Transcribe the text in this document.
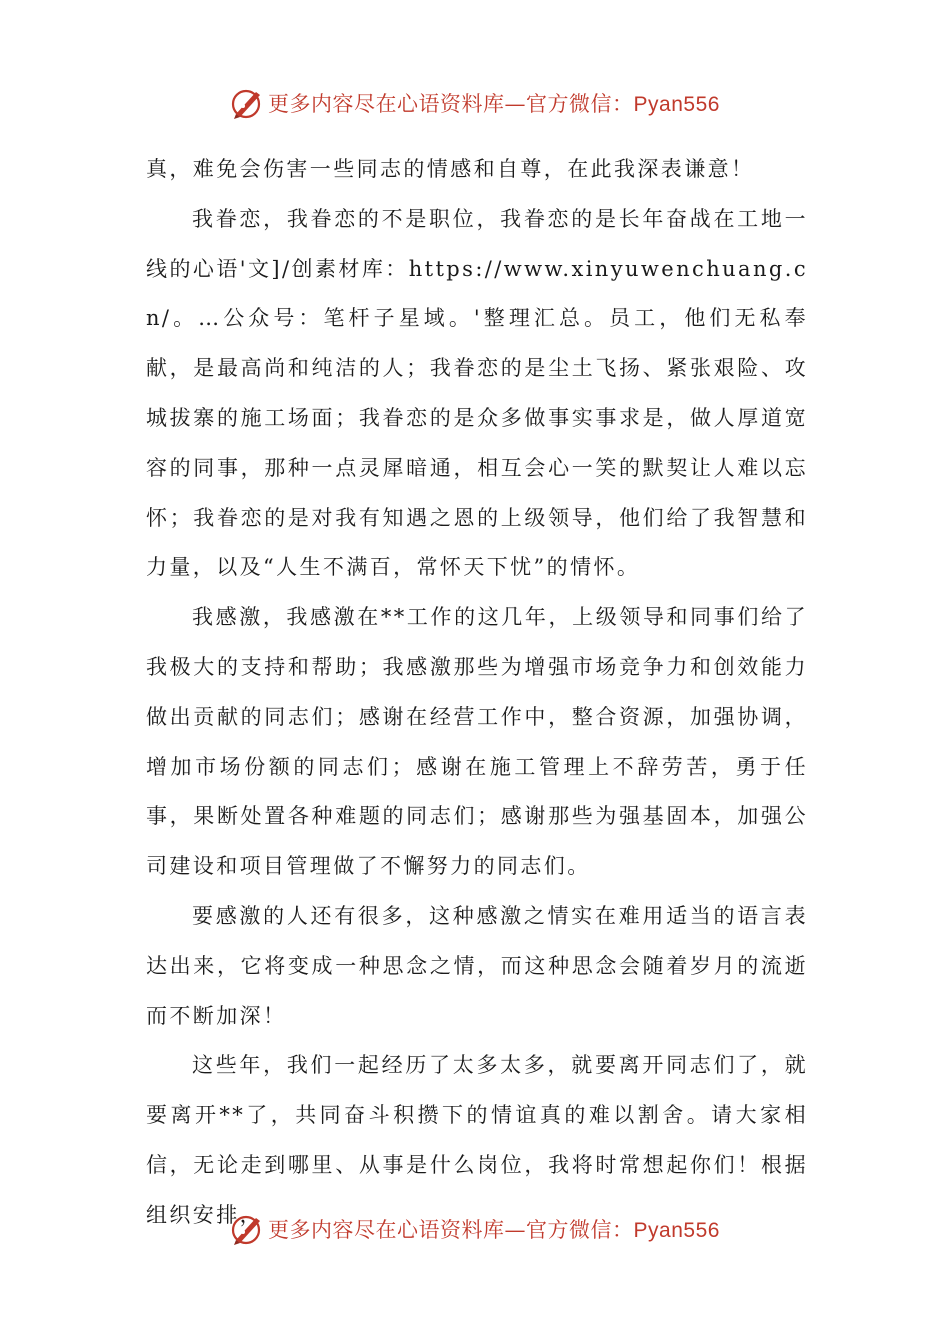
更多内容尽在心语资料库—官方微信：Pyan556

真，难免会伤害一些同志的情感和自尊，在此我深表谦意！

我眷恋，我眷恋的不是职位，我眷恋的是长年奋战在工地一线的心语'文]/创素材库：https://www.xinyuwenchuang.cn/。…公众号：笔杆子星域。'整理汇总。员工，他们无私奉献，是最高尚和纯洁的人；我眷恋的是尘土飞扬、紧张艰险、攻城拔寨的施工场面；我眷恋的是众多做事实事求是，做人厚道宽容的同事，那种一点灵犀暗通，相互会心一笑的默契让人难以忘怀；我眷恋的是对我有知遇之恩的上级领导，他们给了我智慧和力量，以及“人生不满百，常怀天下忧”的情怀。

我感激，我感激在**工作的这几年，上级领导和同事们给了我极大的支持和帮助；我感激那些为增强市场竞争力和创效能力做出贡献的同志们；感谢在经营工作中，整合资源，加强协调，增加市场份额的同志们；感谢在施工管理上不辞劳苦，勇于任事，果断处置各种难题的同志们；感谢那些为强基固本，加强公司建设和项目管理做了不懈努力的同志们。

要感激的人还有很多，这种感激之情实在难用适当的语言表达出来，它将变成一种思念之情，而这种思念会随着岁月的流逝而不断加深！

这些年，我们一起经历了太多太多，就要离开同志们了，就要离开**了，共同奋斗积攒下的情谊真的难以割舍。请大家相信，无论走到哪里、从事是什么岗位，我将时常想起你们！根据组织安排，

更多内容尽在心语资料库—官方微信：Pyan556
